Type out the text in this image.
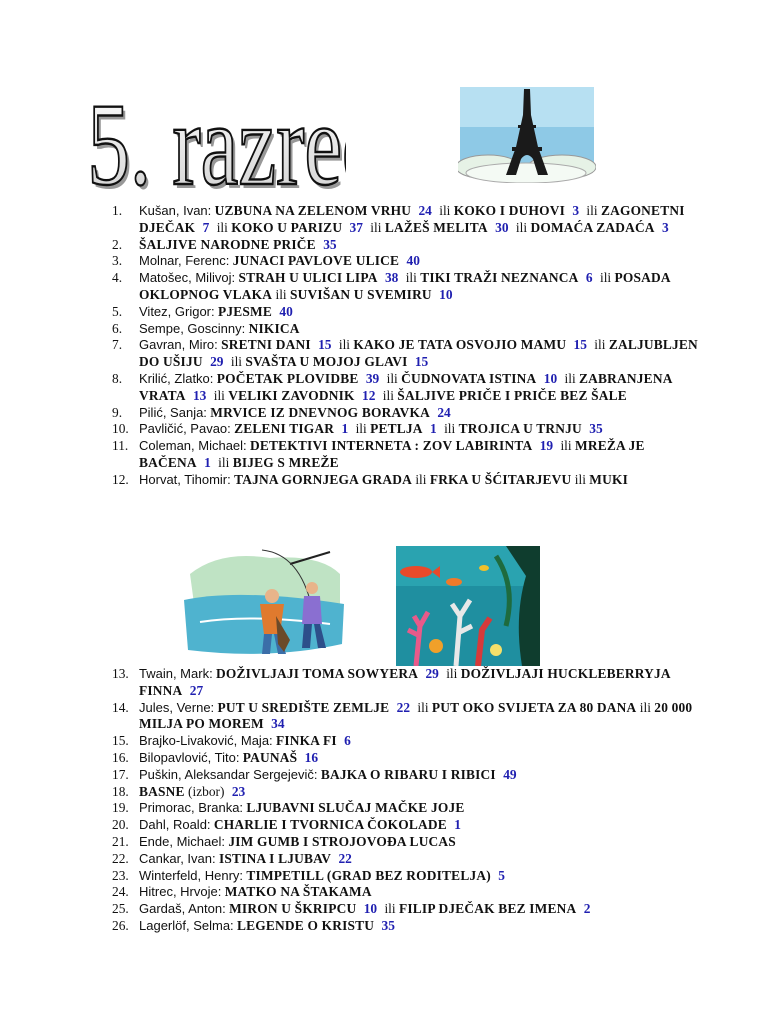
5. razre
5. razre
1.	Kušan, Ivan: UZBUNA NA ZELENOM VRHU 24 ili KOKO I DUHOVI 3 ili ZAGONETNI DJEČAK 7 ili KOKO U PARIZU 37 ili LAŽEŠ MELITA 30 ili DOMAĆA ZADAĆA 3
2.	ŠALJIVE NARODNE PRIČE 35
3.	Molnar, Ferenc: JUNACI PAVLOVE ULICE 40
4.	Matošec, Milivoj: STRAH U ULICI LIPA 38 ili TIKI TRAŽI NEZNANCA 6 ili POSADA OKLOPNOG VLAKA ili SUVIŠAN U SVEMIRU 10
5.	Vitez, Grigor: PJESME 40
6.	Sempe, Goscinny: NIKICA
7.	Gavran, Miro: SRETNI DANI 15 ili KAKO JE TATA OSVOJIO MAMU 15 ili ZALJUBLJEN DO UŠIJU 29 ili SVAŠTA U MOJOJ GLAVI 15
8.	Krilić, Zlatko: POČETAK PLOVIDBE 39 ili ČUDNOVATA ISTINA 10 ili ZABRANJENA VRATA 13 ili VELIKI ZAVODNIK 12 ili ŠALJIVE PRIČE I PRIČE BEZ ŠALE
9.	Pilić, Sanja: MRVICE IZ DNEVNOG BORAVKA 24
10. Pavličić, Pavao: ZELENI TIGAR 1 ili PETLJA 1 ili TROJICA U TRNJU 35
11. Coleman, Michael: DETEKTIVI INTERNETA : ZOV LABIRINTA 19 ili MREŽA JE BAČENA 1 ili BIJEG S MREŽE
12. Horvat, Tihomir: TAJNA GORNJEGA GRADA ili FRKA U ŠĆITARJEVU ili MUKI
13. Twain, Mark: DOŽIVLJAJI TOMA SOWYERA 29 ili DOŽIVLJAJI HUCKLEBERRYJA FINNA 27
14. Jules, Verne: PUT U SREDIŠTE ZEMLJE 22 ili PUT OKO SVIJETA ZA 80 DANA ili 20 000 MILJA PO MOREM 34
15. Brajko-Livaković, Maja: FINKA FI 6
16. Bilopavlović, Tito: PAUNAŠ 16
17. Puškin, Aleksandar Sergejevič: BAJKA O RIBARU I RIBICI 49
18. BASNE (izbor) 23
19. Primorac, Branka: LJUBAVNI SLUČAJ MAČKE JOJE
20. Dahl, Roald: CHARLIE I TVORNICA ČOKOLADE 1
21. Ende, Michael: JIM GUMB I STROJOVOĐA LUCAS
22. Cankar, Ivan: ISTINA I LJUBAV 22
23. Winterfeld, Henry: TIMPETILL (GRAD BEZ RODITELJA) 5
24. Hitrec, Hrvoje: MATKO NA ŠTAKAMA
25. Gardaš, Anton: MIRON U ŠKRIPCU 10 ili FILIP DJEČAK BEZ IMENA 2
26. Lagerlöf, Selma: LEGENDE O KRISTU 35
